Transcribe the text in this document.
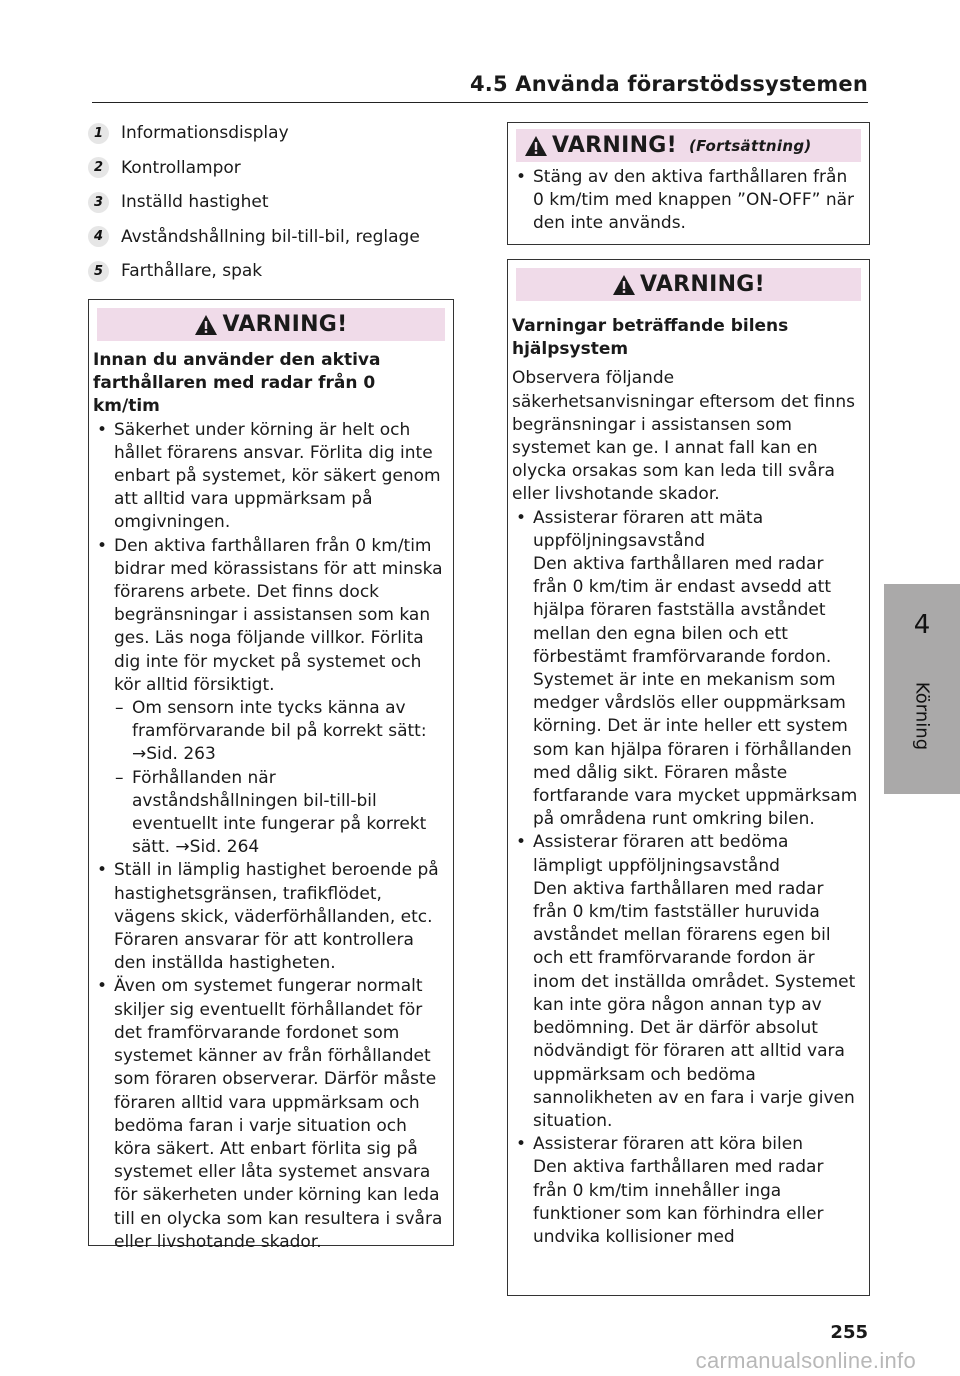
4.5 Använda förarstödssystemen
1	Informationsdisplay
2	Kontrollampor
3	Inställd hastighet
4	Avståndshållning bil-till-bil, reglage
5	Farthållare, spak
VARNING!

Innan du använder den aktiva farthållaren med radar från 0 km/tim

• Säkerhet under körning är helt och hållet förarens ansvar. Förlita dig inte enbart på systemet, kör säkert genom att alltid vara uppmärksam på omgivningen.

• Den aktiva farthållaren från 0 km/tim bidrar med körassistans för att minska förarens arbete. Det finns dock begränsningar i assistansen som kan ges. Läs noga följande villkor. Förlita dig inte för mycket på systemet och kör alltid försiktigt.

– Om sensorn inte tycks känna av framförvarande bil på korrekt sätt: →Sid. 263

– Förhållanden när avståndshållningen bil-till-bil eventuellt inte fungerar på korrekt sätt. →Sid. 264

• Ställ in lämplig hastighet beroende på hastighetsgränsen, trafikflödet, vägens skick, väderförhållanden, etc. Föraren ansvarar för att kontrollera den inställda hastigheten.

• Även om systemet fungerar normalt skiljer sig eventuellt förhållandet för det framförvarande fordonet som systemet känner av från förhållandet som föraren observerar. Därför måste föraren alltid vara uppmärksam och bedöma faran i varje situation och köra säkert. Att enbart förlita sig på systemet eller låta systemet ansvara för säkerheten under körning kan leda till en olycka som kan resultera i svåra eller livshotande skador.

VARNING! (Fortsättning)

• Stäng av den aktiva farthållaren från 0 km/tim med knappen ”ON-OFF” när den inte används.

VARNING!

Varningar beträffande bilens hjälpsystem

Observera följande säkerhetsanvisningar eftersom det finns begränsningar i assistansen som systemet kan ge. I annat fall kan en olycka orsakas som kan leda till svåra eller livshotande skador.

• Assisterar föraren att mäta uppföljningsavstånd

Den aktiva farthållaren med radar från 0 km/tim är endast avsedd att hjälpa föraren fastställa avståndet mellan den egna bilen och ett förbestämt framförvarande fordon. Systemet är inte en mekanism som medger vårdslös eller ouppmärksam körning. Det är inte heller ett system som kan hjälpa föraren i förhållanden med dålig sikt. Föraren måste fortfarande vara mycket uppmärksam på områdena runt omkring bilen.

• Assisterar föraren att bedöma lämpligt uppföljningsavstånd

Den aktiva farthållaren med radar från 0 km/tim fastställer huruvida avståndet mellan förarens egen bil och ett framförvarande fordon är inom det inställda området. Systemet kan inte göra någon annan typ av bedömning. Det är därför absolut nödvändigt för föraren att alltid vara uppmärksam och bedöma sannolikheten av en fara i varje given situation.

• Assisterar föraren att köra bilen

Den aktiva farthållaren med radar från 0 km/tim innehåller inga funktioner som kan förhindra eller undvika kollisioner med

4
Körning
255
carmanualsonline.info
